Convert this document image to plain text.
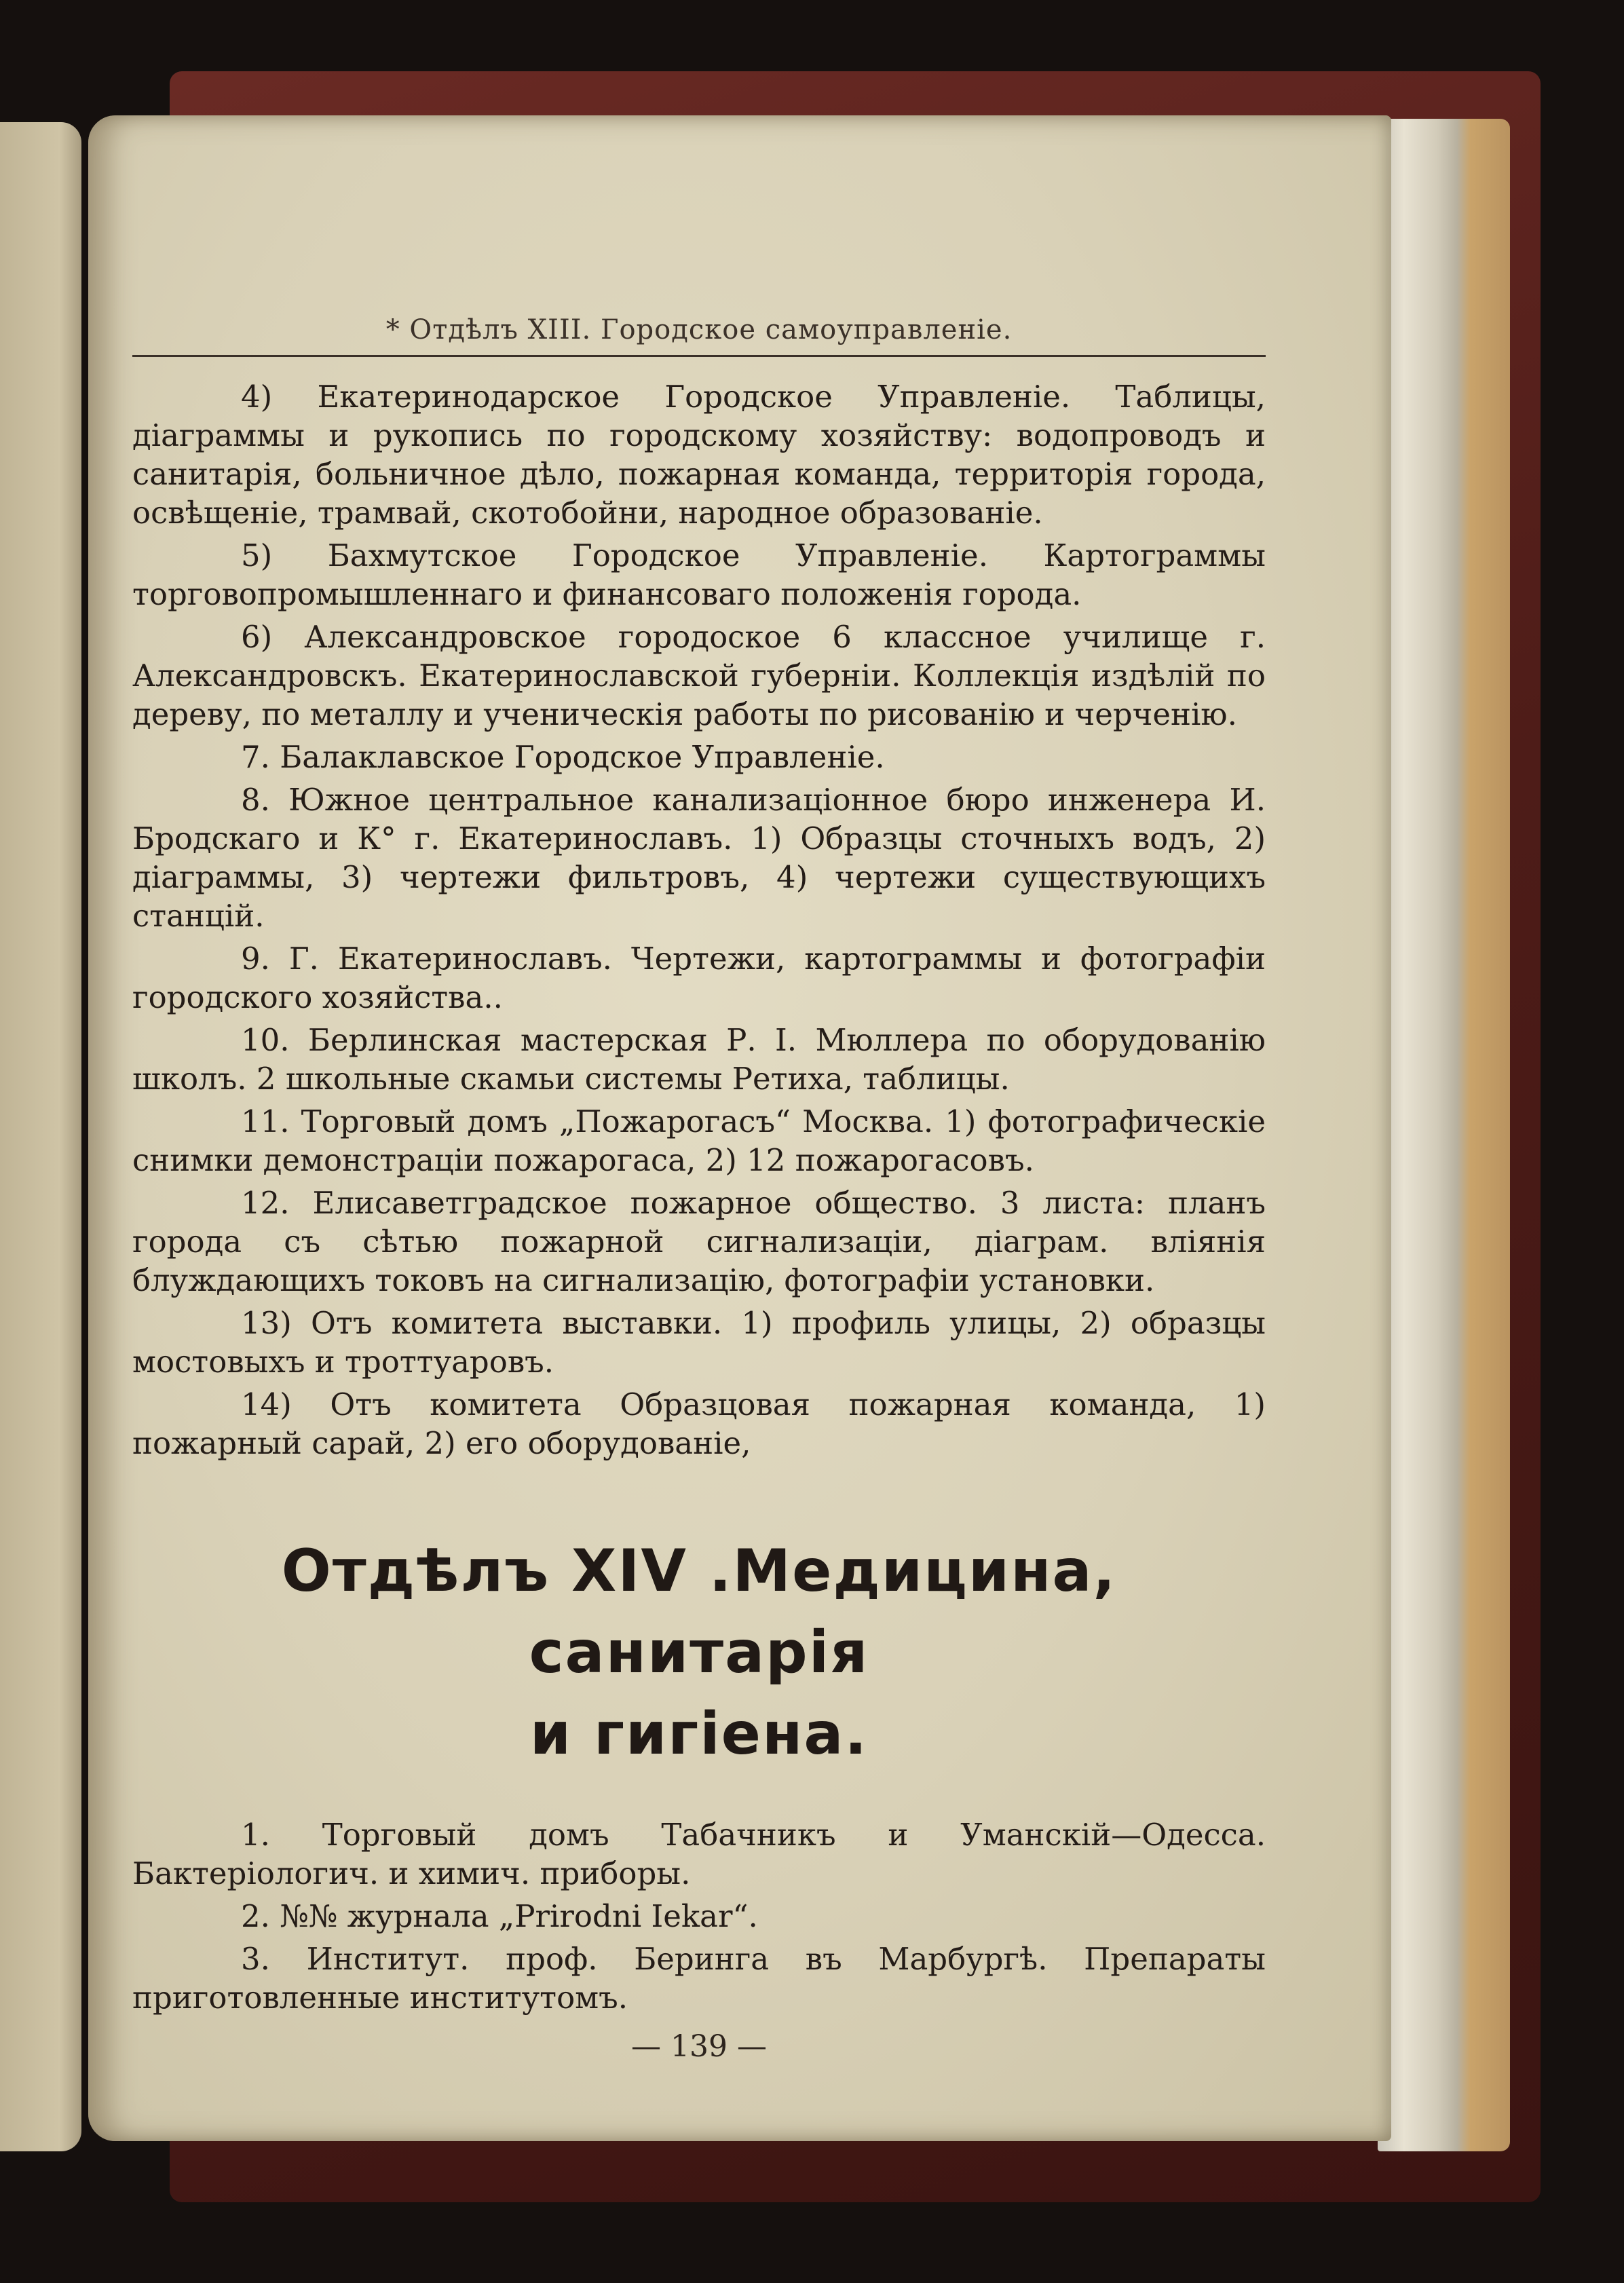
* Отдѣлъ XIII. Городское самоуправленіе.

4) Екатеринодарское Городское Управленіе. Таблицы, діаграммы и рукопись по городскому хозяйству: водопроводъ и санитарія, больничное дѣло, пожарная команда, территорія города, освѣщеніе, трамвай, скотобойни, народное образованіе.

5) Бахмутское Городское Управленіе. Картограммы торговопромышленнаго и финансоваго положенія города.

6) Александровское городоское 6 классное училище г. Александровскъ. Екатеринославской губерніи. Коллекція издѣлій по дереву, по металлу и ученическія работы по рисованію и черченію.

7. Балаклавское Городское Управленіе.

8. Южное центральное канализаціонное бюро инженера И. Бродскаго и К° г. Екатеринославъ. 1) Образцы сточныхъ водъ, 2) діаграммы, 3) чертежи фильтровъ, 4) чертежи существующихъ станцій.

9. Г. Екатеринославъ. Чертежи, картограммы и фотографіи городского хозяйства..

10. Берлинская мастерская Р. І. Мюллера по оборудованію школъ. 2 школьные скамьи системы Ретиха, таблицы.

11. Торговый домъ „Пожарогасъ“ Москва. 1) фотографическіе снимки демонстраціи пожарогаса, 2) 12 пожарогасовъ.

12. Елисаветградское пожарное общество. 3 листа: планъ города съ сѣтью пожарной сигнализаціи, діаграм. вліянія блуждающихъ токовъ на сигнализацію, фотографіи установки.

13) Отъ комитета выставки. 1) профиль улицы, 2) образцы мостовыхъ и троттуаровъ.

14) Отъ комитета Образцовая пожарная команда, 1) пожарный сарай, 2) его оборудованіе,

Отдѣлъ XIV .Медицина, санитарія
и гигіена.

1. Торговый домъ Табачникъ и Уманскій—Одесса. Бактеріологич. и химич. приборы.

2. №№ журнала „Prirodni Iekar“.

3. Институт. проф. Беринга въ Марбургѣ. Препараты приготовленные институтомъ.

— 139 —
